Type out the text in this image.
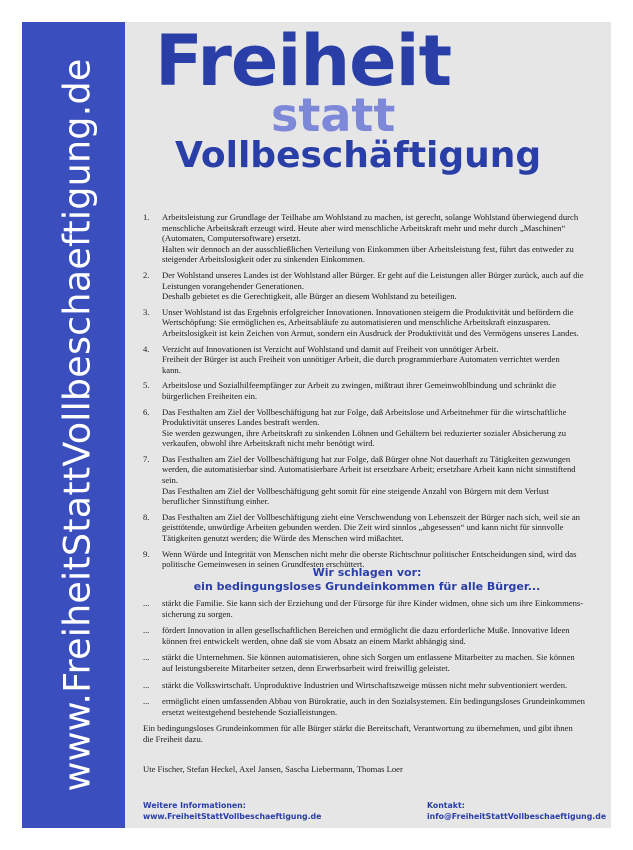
www.FreiheitStattVollbeschaeftigung.de Freiheit
statt
Vollbeschäftigung
1. Arbeitsleistung zur Grundlage der Teilhabe am Wohlstand zu machen, ist gerecht, solange Wohlstand überwiegend durch
menschliche Arbeitskraft erzeugt wird. Heute aber wird menschliche Arbeitskraft mehr und mehr durch „Maschinen“
(Automaten, Computersoftware) ersetzt.
Halten wir dennoch an der ausschließlichen Verteilung von Einkommen über Arbeitsleistung fest, führt das entweder zu
steigender Arbeitslosigkeit oder zu sinkenden Einkommen.
2. Der Wohlstand unseres Landes ist der Wohlstand aller Bürger. Er geht auf die Leistungen aller Bürger zurück, auch auf die
Leistungen vorangehender Generationen.
Deshalb gebietet es die Gerechtigkeit, alle Bürger an diesem Wohlstand zu beteiligen.
3. Unser Wohlstand ist das Ergebnis erfolgreicher Innovationen. Innovationen steigern die Produktivität und befördern die
Wertschöpfung: Sie ermöglichen es, Arbeitsabläufe zu automatisieren und menschliche Arbeitskraft einzusparen.
Arbeitslosigkeit ist kein Zeichen von Armut, sondern ein Ausdruck der Produktivität und des Vermögens unseres Landes.
4. Verzicht auf Innovationen ist Verzicht auf Wohlstand und damit auf Freiheit von unnötiger Arbeit.
Freiheit der Bürger ist auch Freiheit von unnötiger Arbeit, die durch programmierbare Automaten verrichtet werden
kann.
5. Arbeitslose und Sozialhilfeempfänger zur Arbeit zu zwingen, mißtraut ihrer Gemeinwohlbindung und schränkt die
bürgerlichen Freiheiten ein.
6. Das Festhalten am Ziel der Vollbeschäftigung hat zur Folge, daß Arbeitslose und Arbeitnehmer für die wirtschaftliche
Produktivität unseres Landes bestraft werden.
Sie werden gezwungen, ihre Arbeitskraft zu sinkenden Löhnen und Gehältern bei reduzierter sozialer Absicherung zu
verkaufen, obwohl ihre Arbeitskraft nicht mehr benötigt wird.
7. Das Festhalten am Ziel der Vollbeschäftigung hat zur Folge, daß Bürger ohne Not dauerhaft zu Tätigkeiten gezwungen
werden, die automatisierbar sind. Automatisierbare Arbeit ist ersetzbare Arbeit; ersetzbare Arbeit kann nicht sinnstiftend
sein.
Das Festhalten am Ziel der Vollbeschäftigung geht somit für eine steigende Anzahl von Bürgern mit dem Verlust
beruflicher Sinnstiftung einher.
8. Das Festhalten am Ziel der Vollbeschäftigung zieht eine Verschwendung von Lebenszeit der Bürger nach sich, weil sie an
geisttötende, unwürdige Arbeiten gebunden werden. Die Zeit wird sinnlos „abgesessen“ und kann nicht für sinnvolle
Tätigkeiten genutzt werden; die Würde des Menschen wird mißachtet.
9. Wenn Würde und Integrität von Menschen nicht mehr die oberste Richtschnur politischer Entscheidungen sind, wird das
politische Gemeinwesen in seinen Grundfesten erschüttert.
Wir schlagen vor:
ein bedingungsloses Grundeinkommen für alle Bürger...
... stärkt die Familie. Sie kann sich der Erziehung und der Fürsorge für ihre Kinder widmen, ohne sich um ihre Einkommens-
sicherung zu sorgen.
... fördert Innovation in allen gesellschaftlichen Bereichen und ermöglicht die dazu erforderliche Muße. Innovative Ideen
können frei entwickelt werden, ohne daß sie vom Absatz an einem Markt abhängig sind.
... stärkt die Unternehmen. Sie können automatisieren, ohne sich Sorgen um entlassene Mitarbeiter zu machen. Sie können
auf leistungsbereite Mitarbeiter setzen, denn Erwerbsarbeit wird freiwillig geleistet.
... stärkt die Volkswirtschaft. Unproduktive Industrien und Wirtschaftszweige müssen nicht mehr subventioniert werden.
... ermöglicht einen umfassenden Abbau von Bürokratie, auch in den Sozialsystemen. Ein bedingungsloses Grundeinkommen
ersetzt weitestgehend bestehende Sozialleistungen.
Ein bedingungsloses Grundeinkommen für alle Bürger stärkt die Bereitschaft, Verantwortung zu übernehmen, und gibt ihnen
die Freiheit dazu.
Ute Fischer, Stefan Heckel, Axel Jansen, Sascha Liebermann, Thomas Loer
Weitere Informationen:
www.FreiheitStattVollbeschaeftigung.de
Kontakt:
info@FreiheitStattVollbeschaeftigung.de
